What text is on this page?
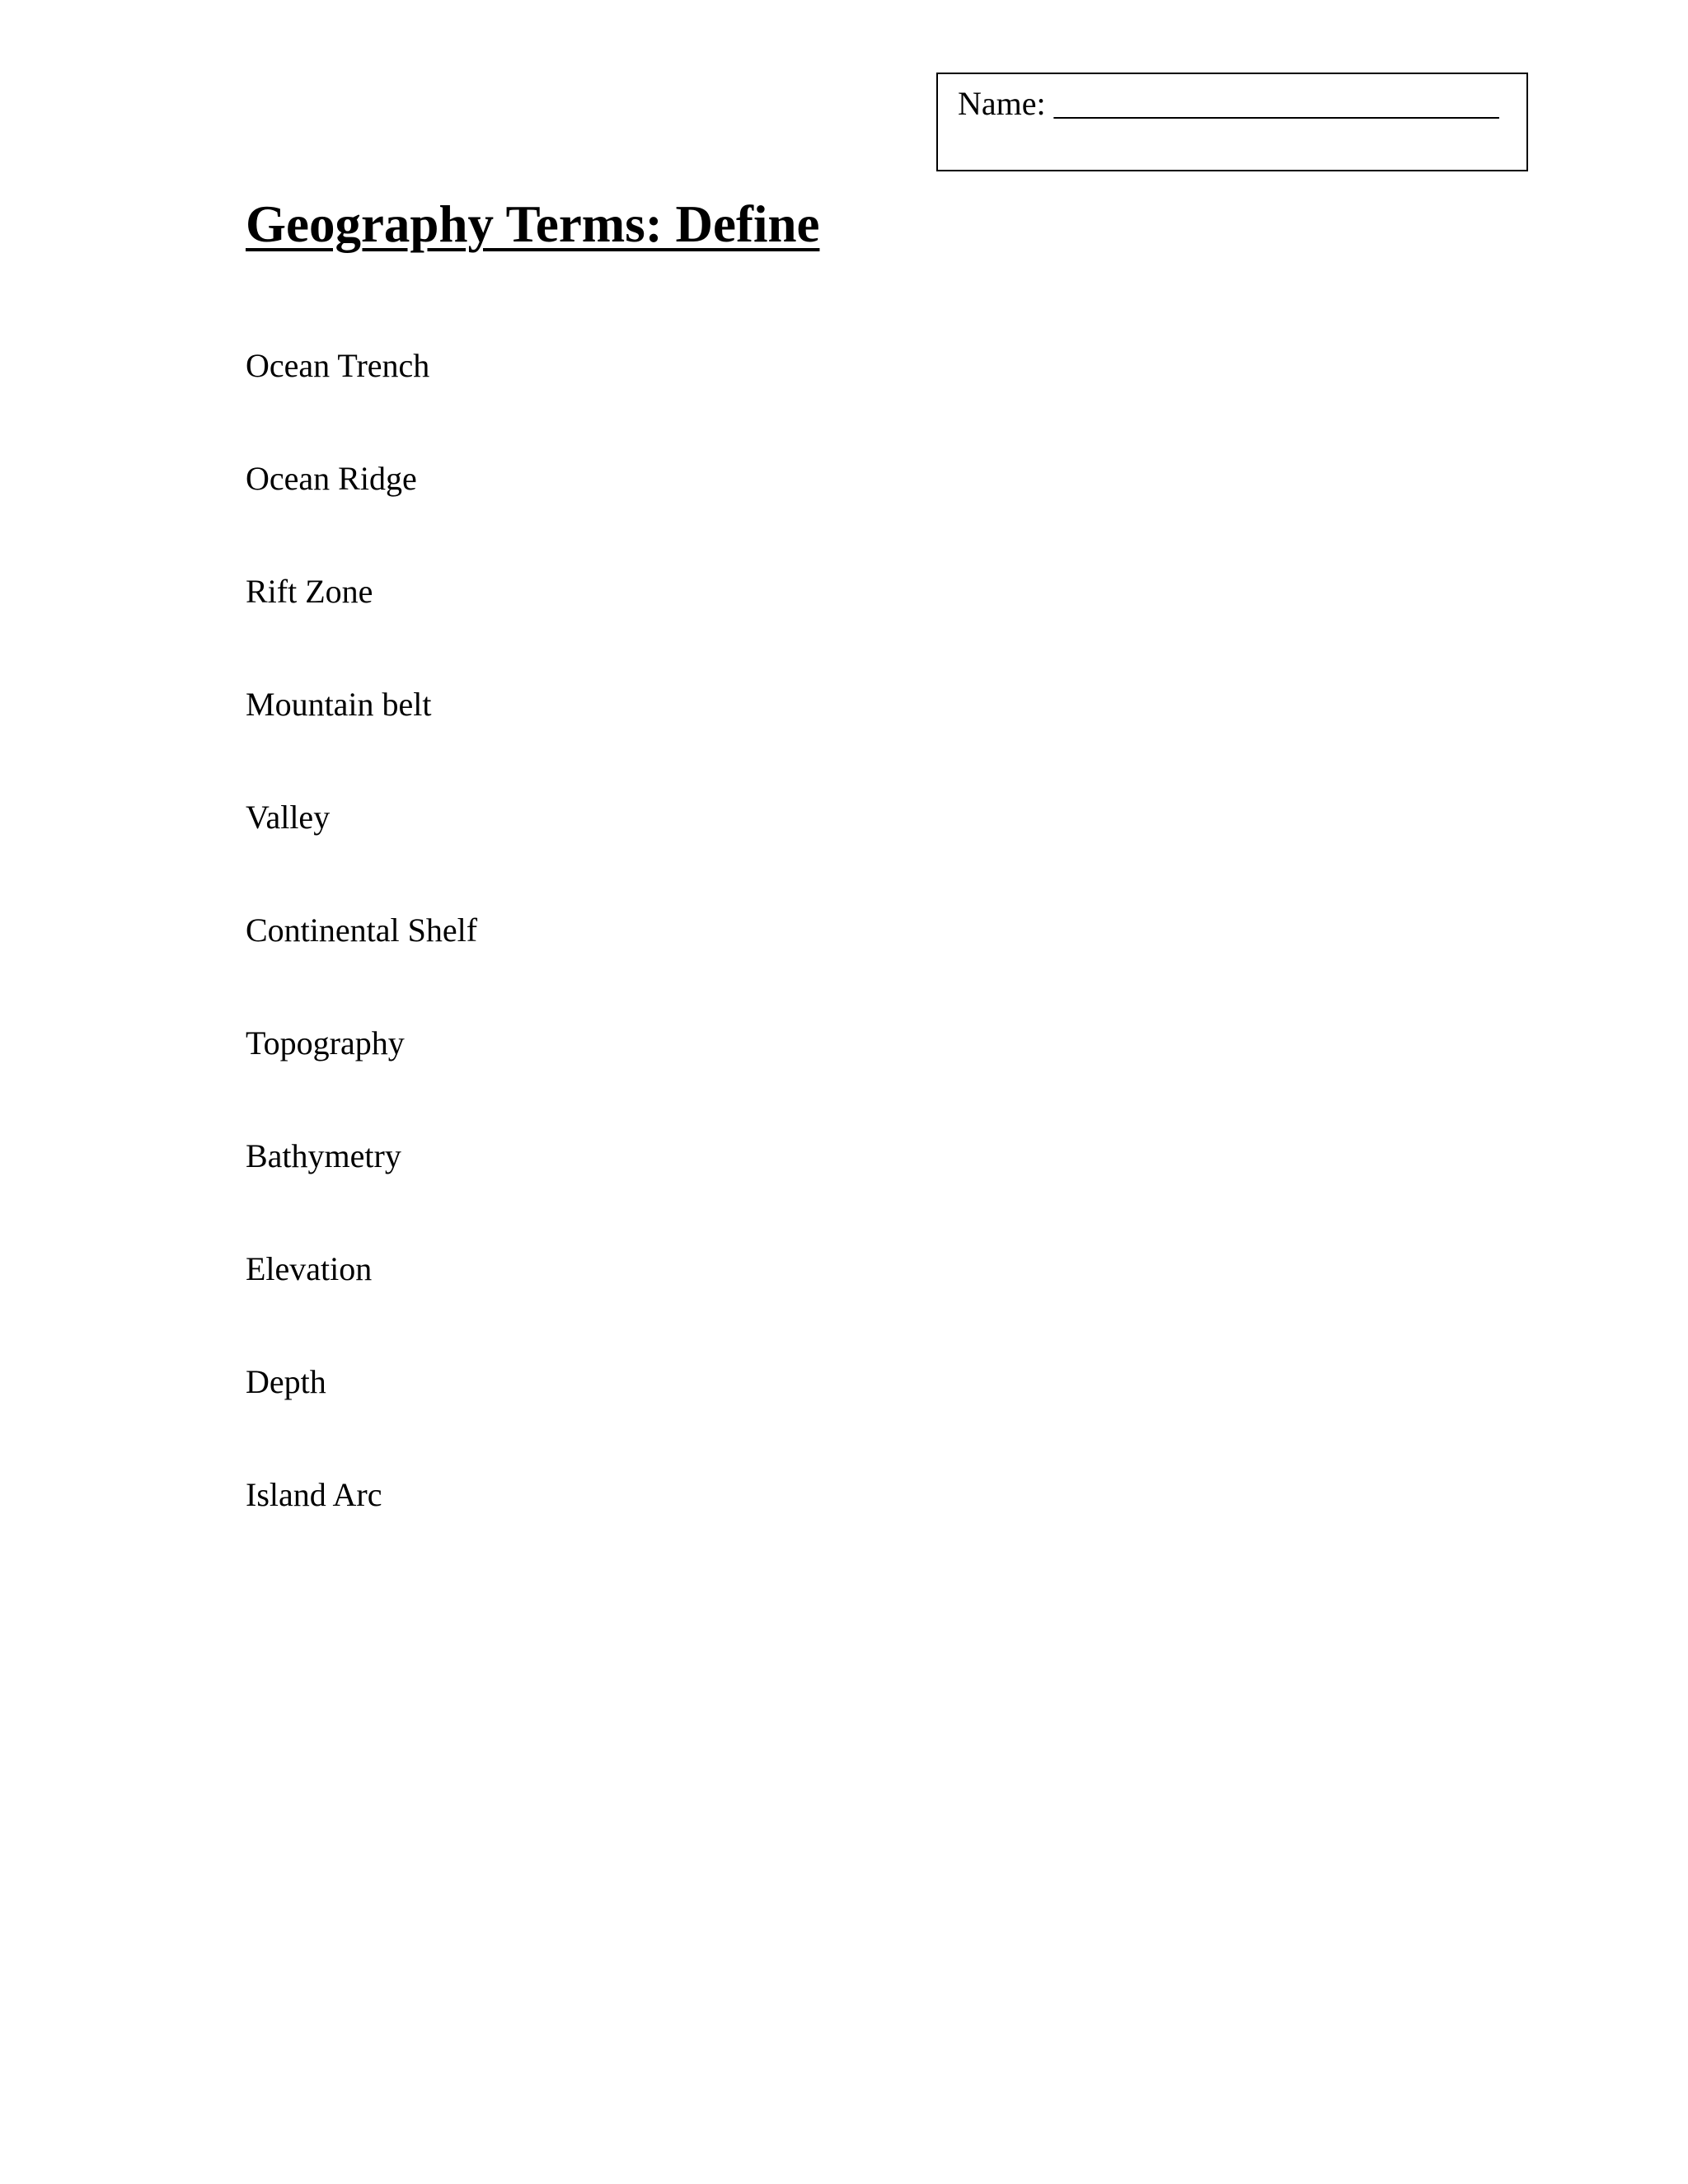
Name: ___________________________
Geography Terms: Define
Ocean Trench
Ocean Ridge
Rift Zone
Mountain belt
Valley
Continental Shelf
Topography
Bathymetry
Elevation
Depth
Island Arc
